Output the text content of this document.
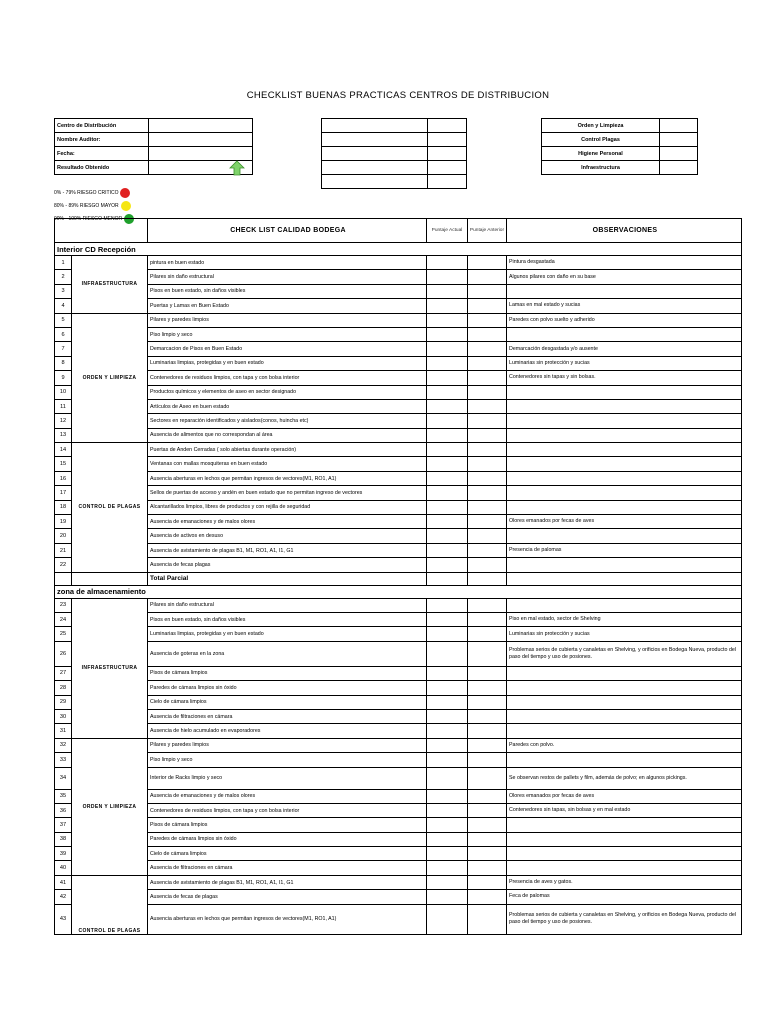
CHECKLIST BUENAS PRACTICAS CENTROS DE DISTRIBUCION
Centro de Distribución	
Nombre Auditor:	
Fecha:	
Resultado Obtenido	

Orden y Limpieza	
Control Plagas	
Higiene Personal	
Infraestructura	
0% - 79% RIESGO CRITICO
80% - 89% RIESGO MAYOR
90% - 100% RIESGO MENOR
		CHECK LIST CALIDAD BODEGA	Puntaje Actual	Puntaje Anterior	OBSERVACIONES
Interior CD Recepción					
1	INFRAESTRUCTURA	pintura en buen estado			Pintura desgastada
2		Pilares sin daño estructural			Algunos pilares con daño en su base
3		Pisos en buen estado, sin daños visibles			
4		Puertas y Lamas en Buen Estado			Lamas en mal estado y sucias
5	ORDEN Y LIMPIEZA	Pilares y paredes limpios			Paredes con polvo suelto y adherido
6		Piso limpio y seco			
7		Demarcacion de Pisos en Buen Estado			Demarcación desgastada y/o ausente
8		Luminarias limpias, protegidas y en buen estado			Luminarias sin protección y sucias
9		Contenedores de residuos limpios, con tapa y con bolsa interior			Contenedores sin tapas y sin bolsas.
10		Productos químicos y elementos de aseo en sector designado			
11		Artículos de Aseo en buen estado			
12		Sectores en reparación identificados y aislados(conos, huincha etc)			
13		Ausencia de alimentos que no correspondan al área			
14	CONTROL DE PLAGAS	Puertas de Anden Cerradas ( solo abiertas durante operación)			
15		Ventanas con mallas mosquiteras en buen estado			
16		Ausencia aberturas en lechos que permitan ingresos de vectores(M1, RO1, A1)			
17		Sellos de puertas de acceso y andén en buen estado que no permitan ingreso de vectores			
18		Alcantarillados limpios, libres de productos y con rejilla de seguridad			
19		Ausencia de emanaciones y de malos olores			Olores emanados por fecas de aves
20		Ausencia de activos en desuso			
21		Ausencia de avistamiento de plagas B1, M1, RO1, A1, I1, G1			Presencia de palomas
22		Ausencia de fecas plagas			
		Total Parcial			
zona de almacenamiento					
23	INFRAESTRUCTURA	Pilares sin daño estructural			
24		Pisos en buen estado, sin daños visibles			Piso en mal estado, sector de Shelving
25		Luminarias limpias, protegidas y en buen estado			Luminarias sin protección y sucias
26		Ausencia de goteras en la zona			Problemas serios de cubierta y canaletas en Shelving, y orificios en Bodega Nueva, producto del paso del tiempo y uso de posiones.
27		Pisos de cámara limpios			
28		Paredes de cámara limpios sin óxido			
29		Cielo de cámara limpios			
30		Ausencia de filtraciones en cámara			
31		Ausencia de hielo acumulado en evaporadores			
32	ORDEN Y LIMPIEZA	Pilares y paredes limpios			Paredes con polvo.
33		Piso limpio y seco			
34		Interior de Racks limpio y seco			Se observan restos de pallets y film, además de polvo; en algunos pickings.
35		Ausencia de emanaciones y de malos olores			Olores emanados por fecas de aves
36		Contenedores de residuos limpios, con tapa y con bolsa interior			Contenedores sin tapas, sin bolsas y en mal estado
37		Pisos de cámara limpios			
38		Paredes de cámara limpios sin óxido			
39		Cielo de cámara limpios			
40		Ausencia de filtraciones en cámara			
41	CONTROL DE PLAGAS	Ausencia de avistamiento de plagas B1, M1, RO1, A1, I1, G1			Presencia de aves y gatos.
42		Ausencia de fecas de plagas			Feca de palomas
43		Ausencia aberturas en lechos que permitan ingresos de vectores(M1, RO1, A1)			Problemas serios de cubierta y canaletas en Shelving, y orificios en Bodega Nueva, producto del paso del tiempo y uso de posiones.
